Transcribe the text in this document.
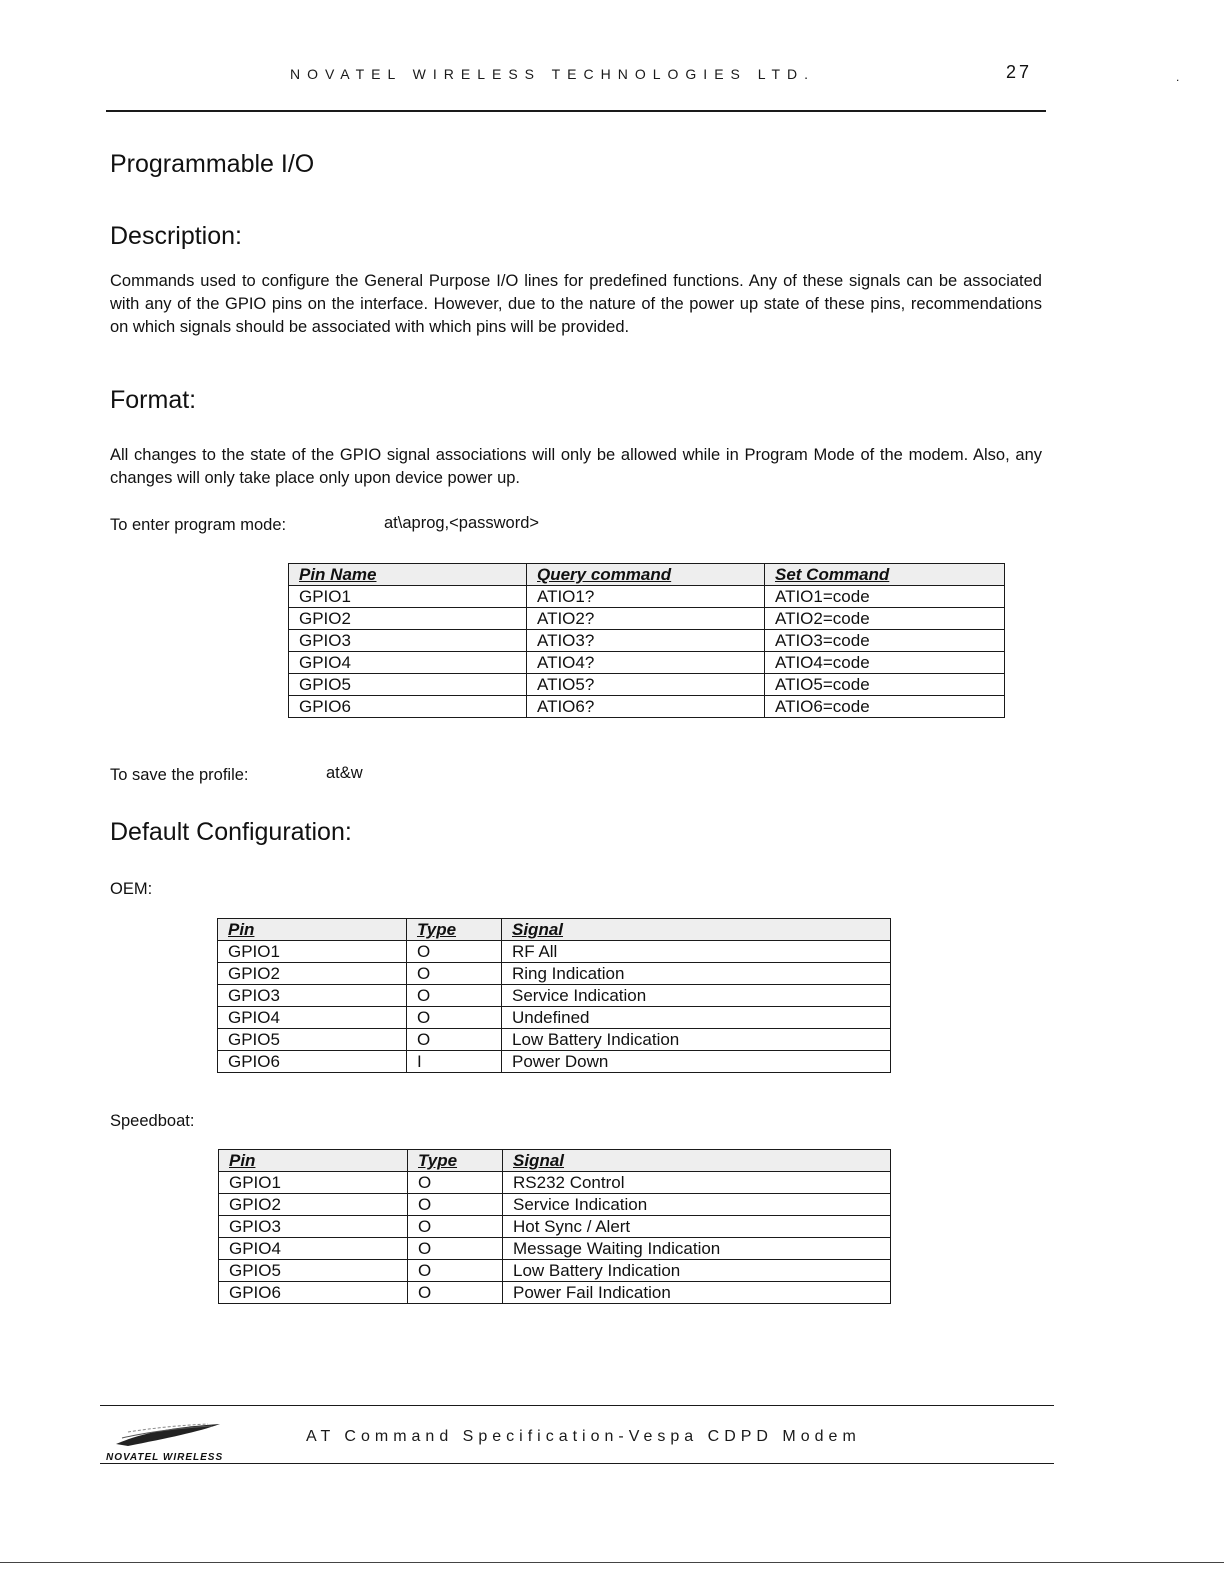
NOVATEL WIRELESS TECHNOLOGIES LTD.	27	.
Programmable I/O
Description:
Commands used to configure the General Purpose I/O lines for predefined functions. Any of these signals can be associated with any of the GPIO pins on the interface. However, due to the nature of the power up state of these pins, recommendations on which signals should be associated with which pins will be provided.
Format:
All changes to the state of the GPIO signal associations will only be allowed while in Program Mode of the modem. Also, any changes will only take place only upon device power up.
To enter program mode:	at\aprog,<password>
Pin Name	Query command	Set Command
GPIO1	ATIO1?	ATIO1=code
GPIO2	ATIO2?	ATIO2=code
GPIO3	ATIO3?	ATIO3=code
GPIO4	ATIO4?	ATIO4=code
GPIO5	ATIO5?	ATIO5=code
GPIO6	ATIO6?	ATIO6=code
To save the profile:	at&w
Default Configuration:
OEM:
Pin	Type	Signal
GPIO1	O	RF All
GPIO2	O	Ring Indication
GPIO3	O	Service Indication
GPIO4	O	Undefined
GPIO5	O	Low Battery Indication
GPIO6	I	Power Down
Speedboat:
Pin	Type	Signal
GPIO1	O	RS232 Control
GPIO2	O	Service Indication
GPIO3	O	Hot Sync / Alert
GPIO4	O	Message Waiting Indication
GPIO5	O	Low Battery Indication
GPIO6	O	Power Fail Indication
NOVATEL WIRELESS
AT Command Specification-Vespa CDPD Modem
